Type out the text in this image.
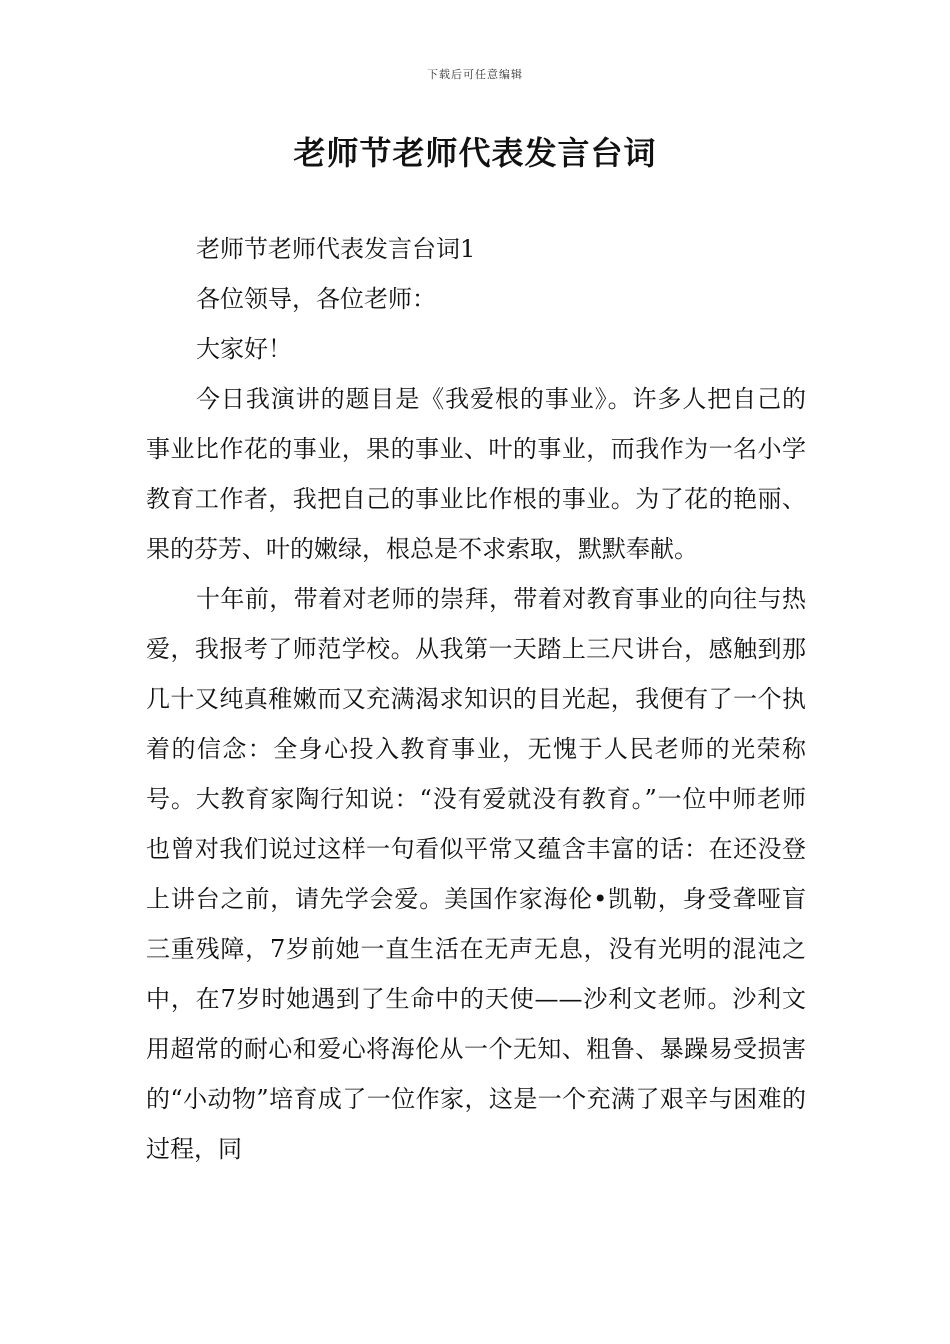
下载后可任意编辑
老师节老师代表发言台词

老师节老师代表发言台词1

各位领导，各位老师：

大家好！

今日我演讲的题目是《我爱根的事业》。许多人把自己的事业比作花的事业，果的事业、叶的事业，而我作为一名小学教育工作者，我把自己的事业比作根的事业。为了花的艳丽、果的芬芳、叶的嫩绿，根总是不求索取，默默奉献。

十年前，带着对老师的崇拜，带着对教育事业的向往与热爱，我报考了师范学校。从我第一天踏上三尺讲台，感触到那几十又纯真稚嫩而又充满渴求知识的目光起，我便有了一个执着的信念：全身心投入教育事业，无愧于人民老师的光荣称号。大教育家陶行知说：“没有爱就没有教育。”一位中师老师也曾对我们说过这样一句看似平常又蕴含丰富的话：在还没登上讲台之前，请先学会爱。美国作家海伦•凯勒，身受聋哑盲三重残障，7岁前她一直生活在无声无息，没有光明的混沌之中，在7岁时她遇到了生命中的天使——沙利文老师。沙利文用超常的耐心和爱心将海伦从一个无知、粗鲁、暴躁易受损害的“小动物”培育成了一位作家，这是一个充满了艰辛与困难的过程，同
